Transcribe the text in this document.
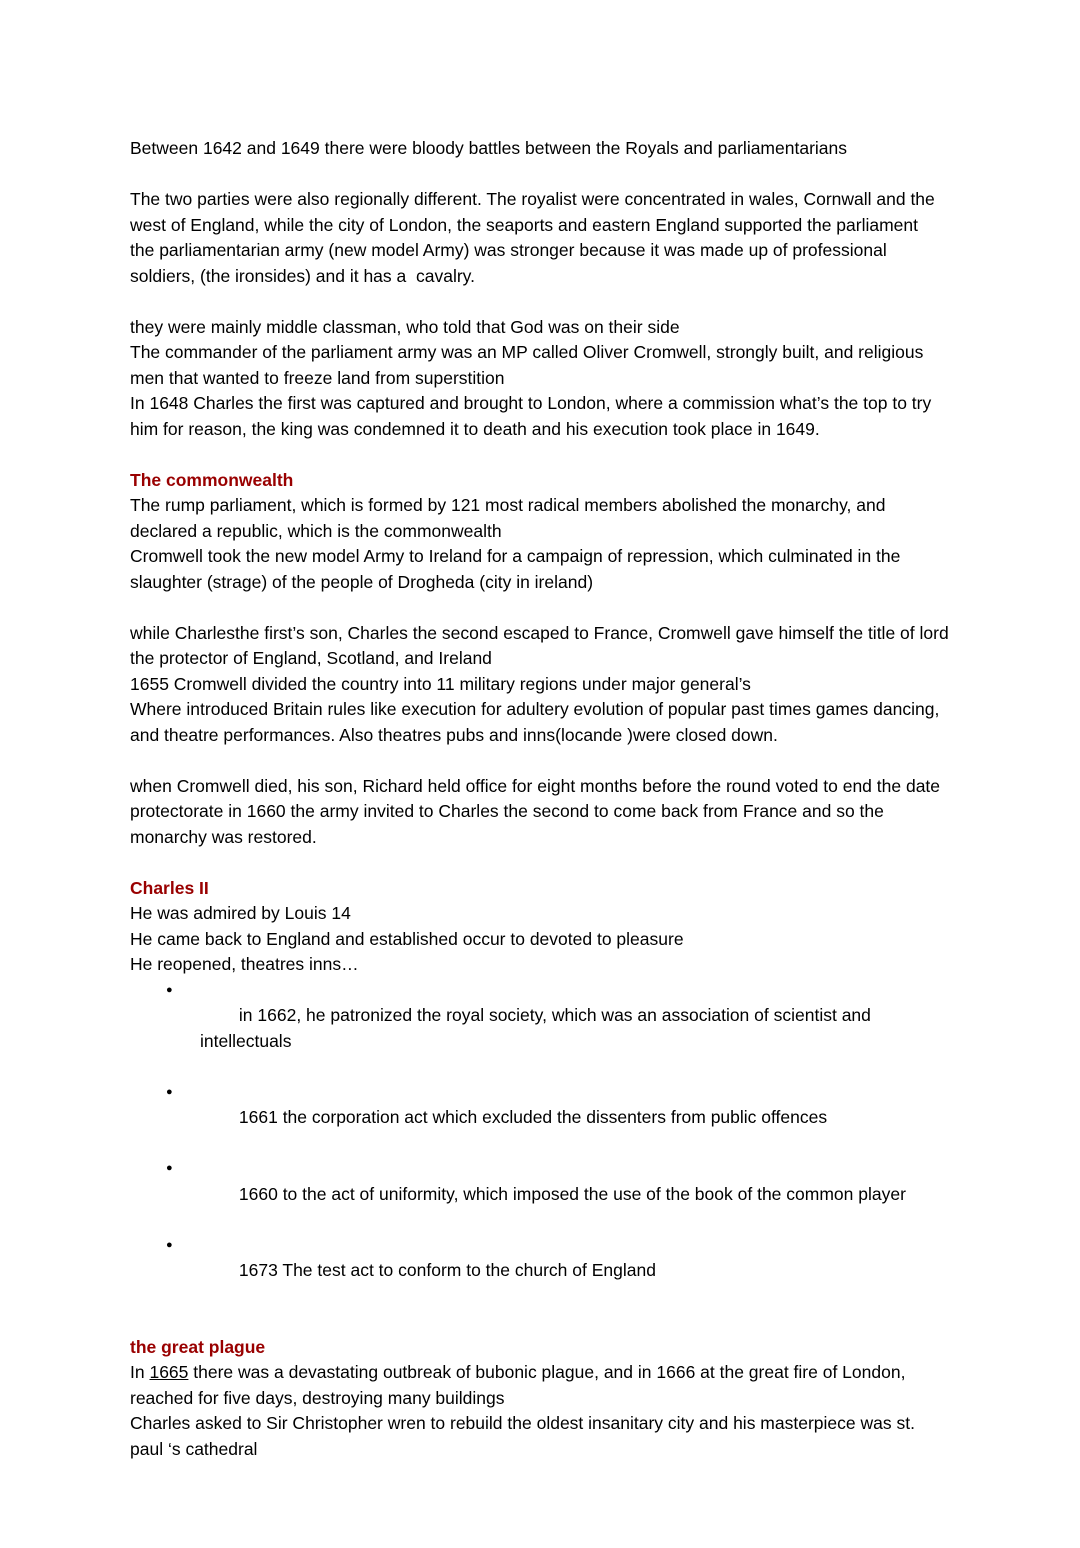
Between 1642 and 1649 there were bloody battles between the Royals and parliamentarians
The two parties were also regionally different. The royalist were concentrated in wales, Cornwall and the west of England, while the city of London, the seaports and eastern England supported the parliament
the parliamentarian army (new model Army) was stronger because it was made up of professional soldiers, (the ironsides) and it has a  cavalry.
they were mainly middle classman, who told that God was on their side
The commander of the parliament army was an MP called Oliver Cromwell, strongly built, and religious men that wanted to freeze land from superstition
In 1648 Charles the first was captured and brought to London, where a commission what’s the top to try him for reason, the king was condemned it to death and his execution took place in 1649.
The commonwealth
The rump parliament, which is formed by 121 most radical members abolished the monarchy, and declared a republic, which is the commonwealth
Cromwell took the new model Army to Ireland for a campaign of repression, which culminated in the slaughter (strage) of the people of Drogheda (city in ireland)
while Charlesthe first’s son, Charles the second escaped to France, Cromwell gave himself the title of lord the protector of England, Scotland, and Ireland
1655 Cromwell divided the country into 11 military regions under major general’s
Where introduced Britain rules like execution for adultery evolution of popular past times games dancing, and theatre performances. Also theatres pubs and inns(locande )were closed down.
when Cromwell died, his son, Richard held office for eight months before the round voted to end the date protectorate in 1660 the army invited to Charles the second to come back from France and so the monarchy was restored.
Charles II
He was admired by Louis 14
He came back to England and established occur to devoted to pleasure
He reopened, theatres inns…

●
in 1662, he patronized the royal society, which was an association of scientist and intellectuals

●
1661 the corporation act which excluded the dissenters from public offences

●
1660 to the act of uniformity, which imposed the use of the book of the common player

●
1673 The test act to conform to the church of England

the great plague
In 1665 there was a devastating outbreak of bubonic plague, and in 1666 at the great fire of London, reached for five days, destroying many buildings
Charles asked to Sir Christopher wren to rebuild the oldest insanitary city and his masterpiece was st. paul ‘s cathedral
